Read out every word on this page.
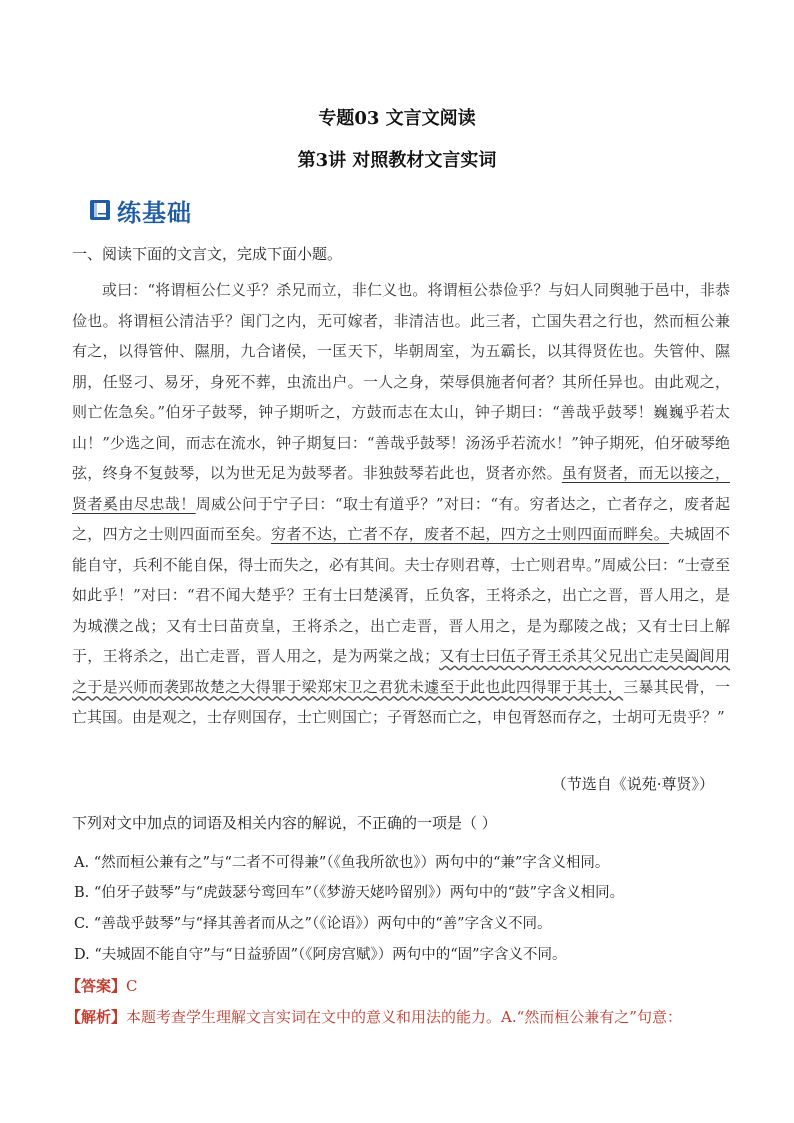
专题03 文言文阅读
第3讲 对照教材文言实词
练基础
一、阅读下面的文言文，完成下面小题。

或曰：“将谓桓公仁义乎？杀兄而立，非仁义也。将谓桓公恭俭乎？与妇人同舆驰于邑中，非恭俭也。将谓桓公清洁乎？闺门之内，无可嫁者，非清洁也。此三者，亡国失君之行也，然而桓公兼有之，以得管仲、隰朋，九合诸侯，一匡天下，毕朝周室，为五霸长，以其得贤佐也。失管仲、隰朋，任竖刁、易牙，身死不葬，虫流出户。一人之身，荣辱俱施者何者？其所任异也。由此观之，则亡佐急矣。”伯牙子鼓琴，钟子期听之，方鼓而志在太山，钟子期曰：“善哉乎鼓琴！巍巍乎若太山！”少选之间，而志在流水，钟子期复曰：“善哉乎鼓琴！汤汤乎若流水！”钟子期死，伯牙破琴绝弦，终身不复鼓琴，以为世无足为鼓琴者。非独鼓琴若此也，贤者亦然。虽有贤者，而无以接之，贤者奚由尽忠哉！周威公问于宁子曰：“取士有道乎？”对曰：“有。穷者达之，亡者存之，废者起之，四方之士则四面而至矣。穷者不达，亡者不存，废者不起，四方之士则四面而畔矣。夫城固不能自守，兵利不能自保，得士而失之，必有其间。夫士存则君尊，士亡则君卑。”周威公曰：“士壹至如此乎！”对曰：“君不闻大楚乎？王有士曰楚溪胥，丘负客，王将杀之，出亡之晋，晋人用之，是为城濮之战；又有士曰苗贲皇，王将杀之，出亡走晋，晋人用之，是为鄢陵之战；又有士曰上解于，王将杀之，出亡走晋，晋人用之，是为两棠之战；又有士曰伍子胥王杀其父兄出亡走吴阖闾用之于是兴师而袭郢故楚之大得罪于梁郑宋卫之君犹未遽至于此也此四得罪于其士，三暴其民骨，一亡其国。由是观之，士存则国存，士亡则国亡；子胥怒而亡之，申包胥怒而存之，士胡可无贵乎？”

（节选自《说苑·尊贤》）
下列对文中加点的词语及相关内容的解说，不正确的一项是（ ）
A. “然而桓公兼有之”与“二者不可得兼”（《鱼我所欲也》）两句中的“兼”字含义相同。
B. “伯牙子鼓琴”与“虎鼓瑟兮鸾回车”（《梦游天姥吟留别》）两句中的“鼓”字含义相同。
C. “善哉乎鼓琴”与“择其善者而从之”（《论语》）两句中的“善”字含义不同。
D. “夫城固不能自守”与“日益骄固”（《阿房宫赋》）两句中的“固”字含义不同。
【答案】C
【解析】本题考查学生理解文言实词在文中的意义和用法的能力。A.“然而桓公兼有之”句意：
